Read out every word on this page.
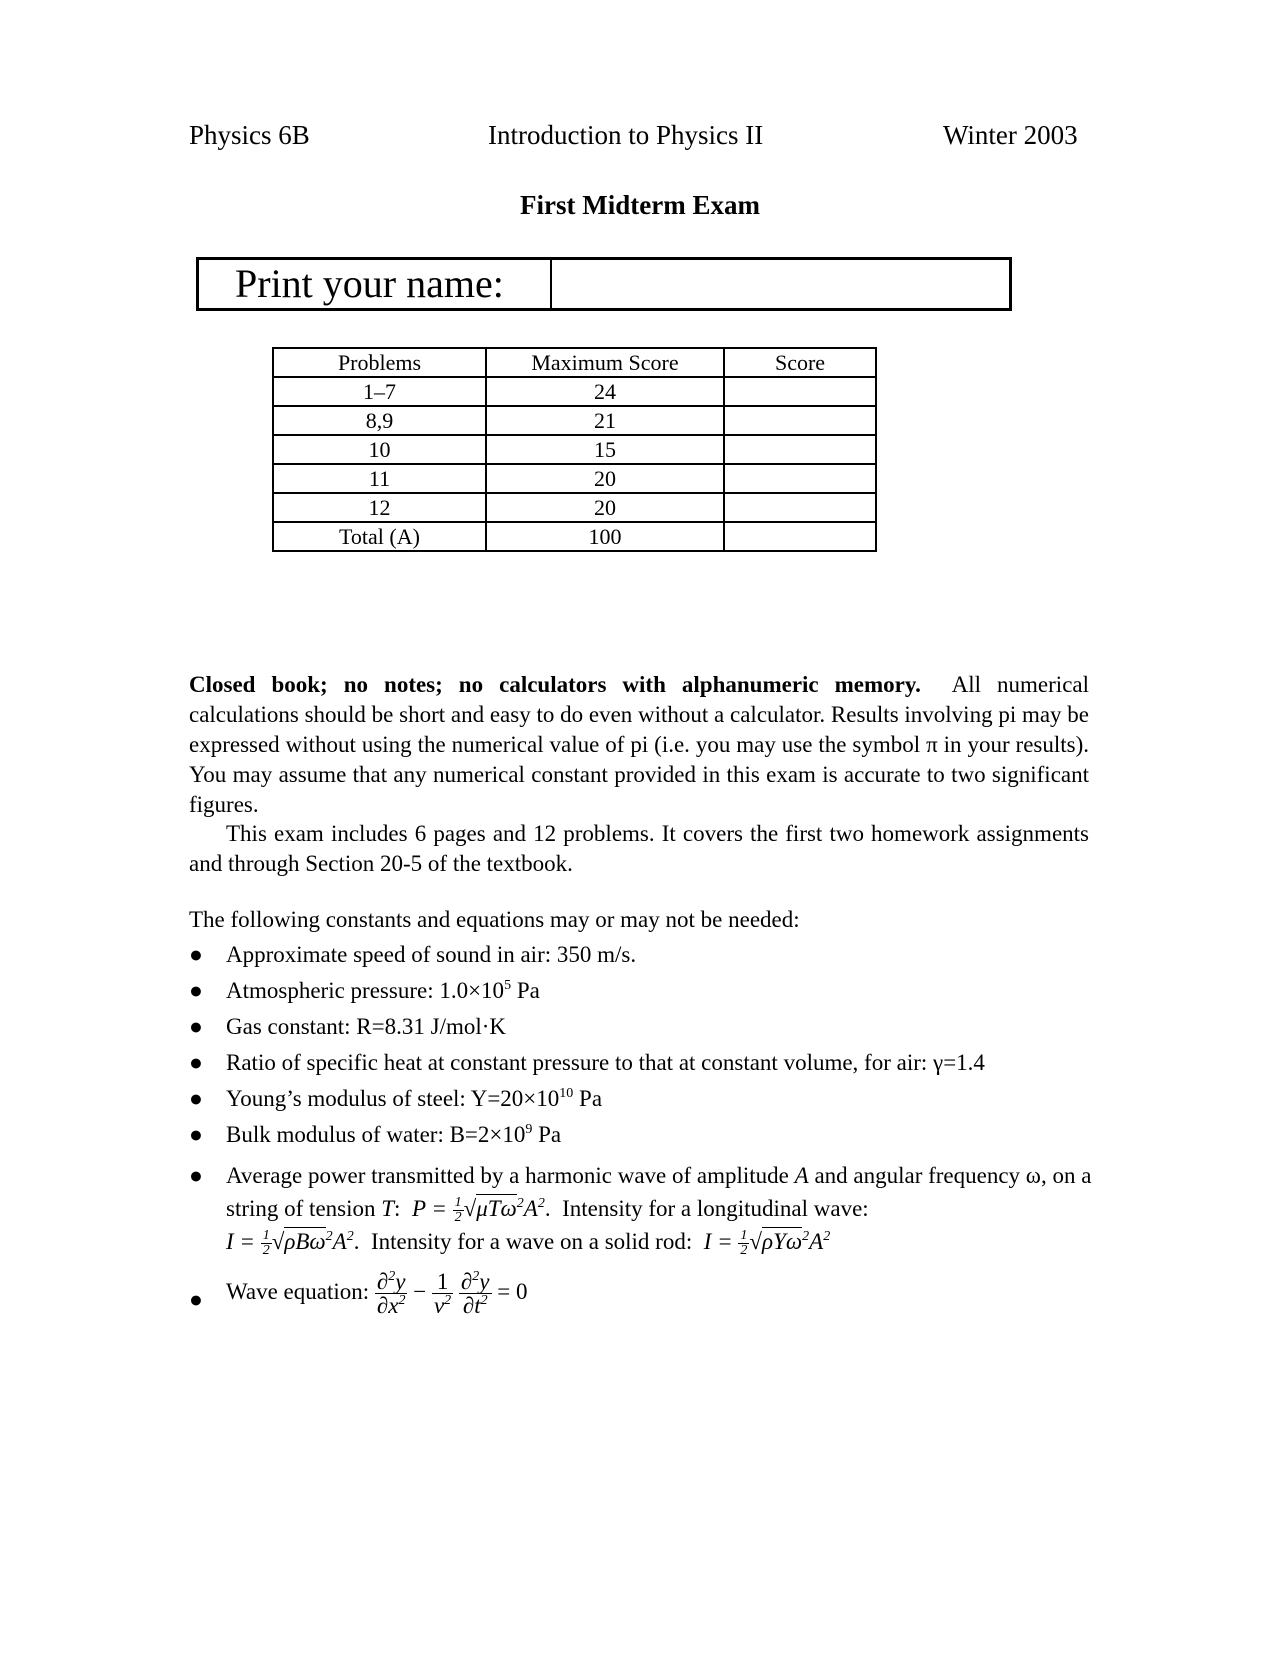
Physics 6B	Introduction to Physics II	Winter 2003
First Midterm Exam
Print your name:
Problems	Maximum Score	Score
1–7	24	
8,9	21	
10	15	
11	20	
12	20	
Total (A)	100	

Closed book; no notes; no calculators with alphanumeric memory. All numerical calculations should be short and easy to do even without a calculator. Results involving pi may be expressed without using the numerical value of pi (i.e. you may use the symbol π in your results). You may assume that any numerical constant provided in this exam is accurate to two significant figures.

This exam includes 6 pages and 12 problems. It covers the first two homework assignments and through Section 20-5 of the textbook.

The following constants and equations may or may not be needed:
● Approximate speed of sound in air: 350 m/s.
● Atmospheric pressure: $1.0\times 10^5$ Pa
● Gas constant: R=8.31 J/mol·K
● Ratio of specific heat at constant pressure to that at constant volume, for air: γ=1.4
● Young’s modulus of steel: $Y=20\times 10^{10}$ Pa
● Bulk modulus of water: $B=2\times 10^9$ Pa
● Average power transmitted by a harmonic wave of amplitude A and angular frequency ω, on a string of tension T:  $P = \frac{1}{2} √\mu T\omega^2A^2$.  Intensity for a longitudinal wave:
$I = \frac{1}{2} √\rho B\omega^2A^2$.  Intensity for a wave on a solid rod:  $I = \frac{1}{2} √\rho Y\omega^2A^2$
● Wave equation: $\frac{\partial^2y}{\partial x^2} - \frac{1}{v^2}$
$\frac{\partial^2y}{\partial t^2} = 0$
